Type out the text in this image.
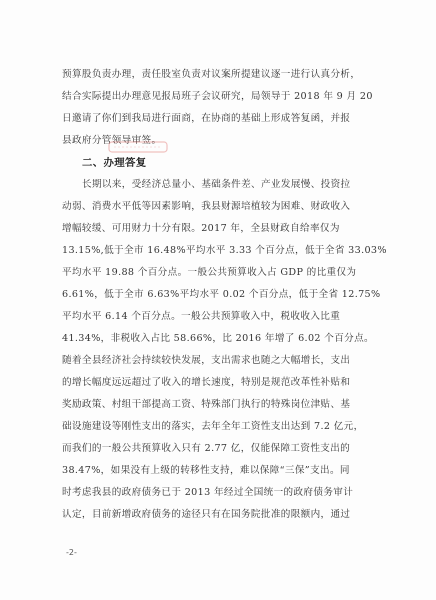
预算股负责办理，责任股室负责对议案所提建议逐一进行认真分析，
结合实际提出办理意见报局班子会议研究，局领导于 2018 年 9 月 20
日邀请了你们到我局进行面商，在协商的基础上形成答复函，并报
县政府分管领导审签。
二、办理答复
长期以来，受经济总量小、基础条件差、产业发展慢、投资拉
动弱、消费水平低等因素影响，我县财源培植较为困难、财政收入
增幅较缓、可用财力十分有限。2017 年，全县财政自给率仅为
13.15%,低于全市 16.48%平均水平 3.33 个百分点，低于全省 33.03%
平均水平 19.88 个百分点。一般公共预算收入占 GDP 的比重仅为
6.61%，低于全市 6.63%平均水平 0.02 个百分点，低于全省 12.75%
平均水平 6.14 个百分点。一般公共预算收入中，税收收入比重
41.34%，非税收入占比 58.66%，比 2016 年增了 6.02 个百分点。
随着全县经济社会持续较快发展，支出需求也随之大幅增长，支出
的增长幅度远远超过了收入的增长速度，特别是规范改革性补贴和
奖励政策、村组干部提高工资、特殊部门执行的特殊岗位津贴、基
础设施建设等刚性支出的落实，去年全年工资性支出达到 7.2 亿元，
而我们的一般公共预算收入只有 2.77 亿，仅能保障工资性支出的
38.47%，如果没有上级的转移性支持，难以保障“三保”支出。同
时考虑我县的政府债务已于 2013 年经过全国统一的政府债务审计
认定，目前新增政府债务的途径只有在国务院批准的限额内，通过
-2-
